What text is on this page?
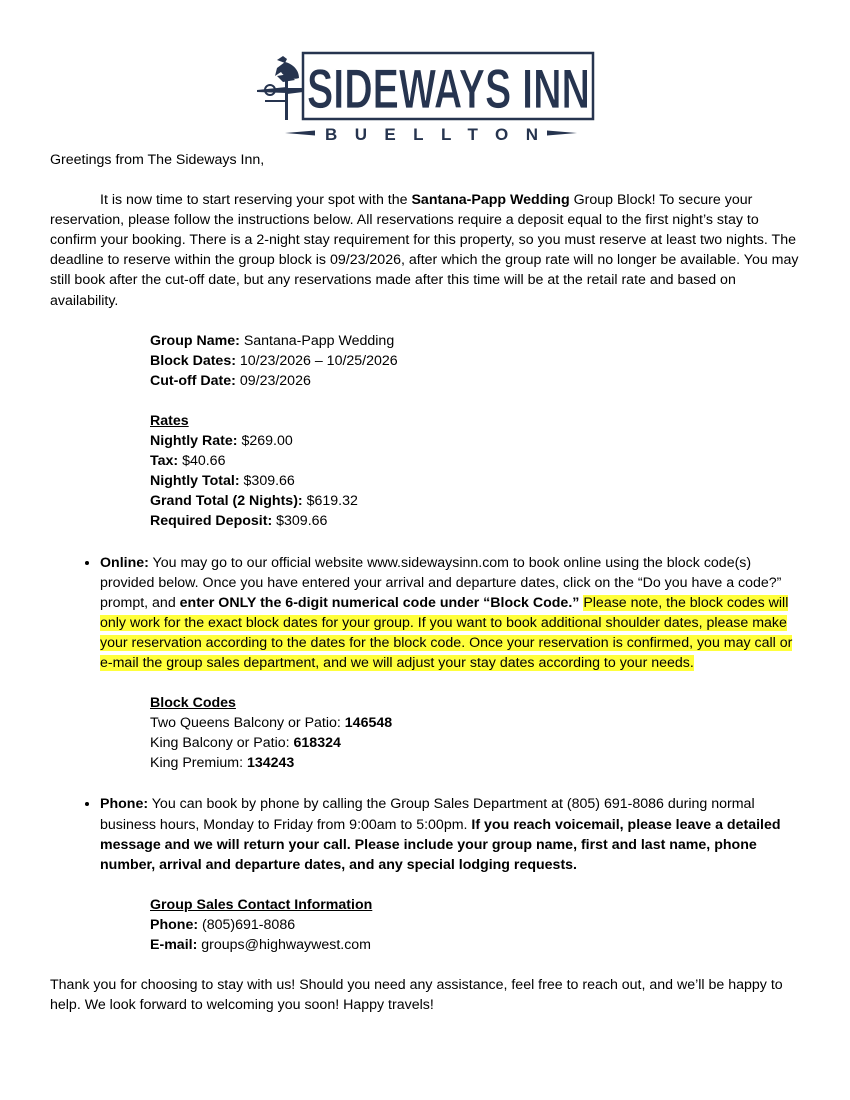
SIDEWAYS INN
BUELLTON

Greetings from The Sideways Inn,

It is now time to start reserving your spot with the Santana-Papp Wedding Group Block! To secure your reservation, please follow the instructions below. All reservations require a deposit equal to the first night’s stay to confirm your booking. There is a 2-night stay requirement for this property, so you must reserve at least two nights. The deadline to reserve within the group block is 09/23/2026, after which the group rate will no longer be available. You may still book after the cut-off date, but any reservations made after this time will be at the retail rate and based on availability.

Group Name: Santana-Papp Wedding

Block Dates: 10/23/2026 – 10/25/2026

Cut-off Date: 09/23/2026

Rates

Nightly Rate: $269.00

Tax: $40.66

Nightly Total: $309.66

Grand Total (2 Nights): $619.32

Required Deposit: $309.66

• Online: You may go to our official website www.sidewaysinn.com to book online using the block code(s) provided below. Once you have entered your arrival and departure dates, click on the “Do you have a code?” prompt, and enter ONLY the 6-digit numerical code under “Block Code.” Please note, the block codes will only work for the exact block dates for your group. If you want to book additional shoulder dates, please make your reservation according to the dates for the block code. Once your reservation is confirmed, you may call or e-mail the group sales department, and we will adjust your stay dates according to your needs.

Block Codes

Two Queens Balcony or Patio: 146548

King Balcony or Patio: 618324

King Premium: 134243

• Phone: You can book by phone by calling the Group Sales Department at (805) 691-8086 during normal business hours, Monday to Friday from 9:00am to 5:00pm. If you reach voicemail, please leave a detailed message and we will return your call. Please include your group name, first and last name, phone number, arrival and departure dates, and any special lodging requests.

Group Sales Contact Information

Phone: (805)691-8086

E-mail: groups@highwaywest.com

Thank you for choosing to stay with us! Should you need any assistance, feel free to reach out, and we’ll be happy to help. We look forward to welcoming you soon! Happy travels!
